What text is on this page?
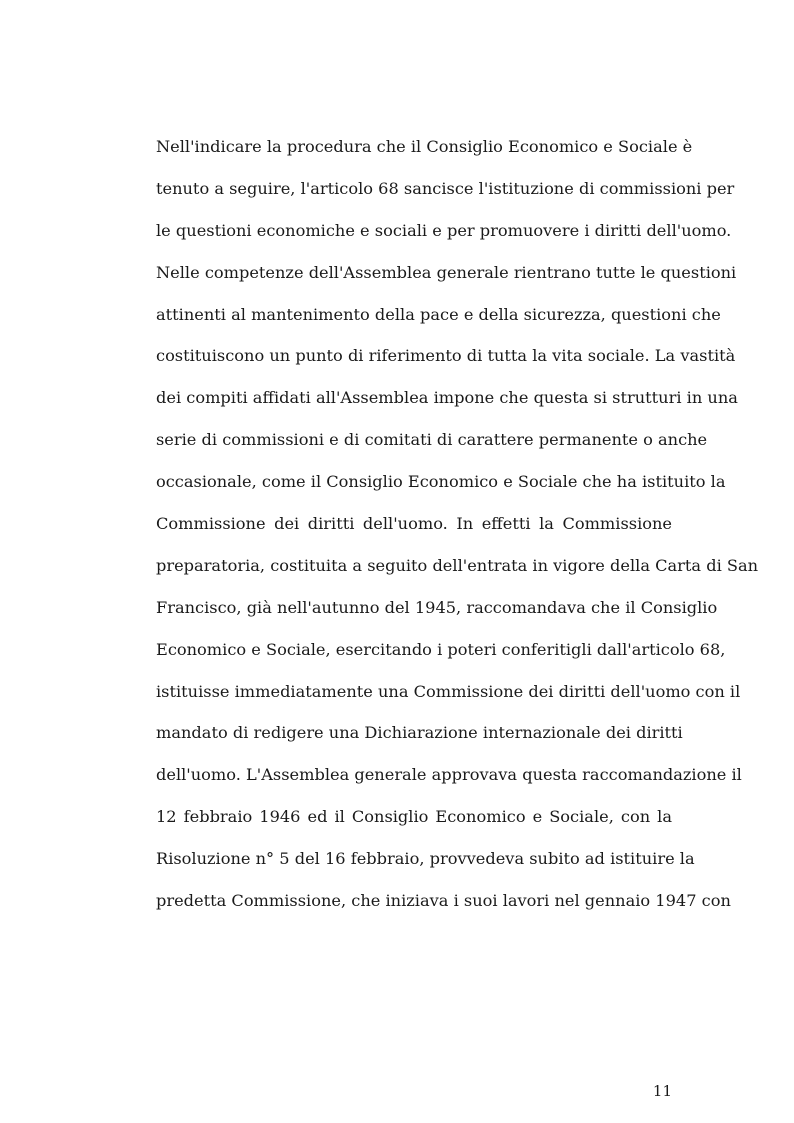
Nell'indicare la procedura che il Consiglio Economico e Sociale è
tenuto a seguire, l'articolo 68 sancisce l'istituzione di commissioni per
le questioni economiche e sociali e per promuovere i diritti dell'uomo.
Nelle competenze dell'Assemblea generale rientrano tutte le questioni
attinenti al mantenimento della pace e della sicurezza, questioni che
costituiscono un punto di riferimento di tutta la vita sociale. La vastità
dei compiti affidati all'Assemblea impone che questa si strutturi in una
serie di commissioni e di comitati di carattere permanente o anche
occasionale, come il Consiglio Economico e Sociale che ha istituito la
Commissione dei diritti dell'uomo. In effetti la Commissione
preparatoria, costituita a seguito dell'entrata in vigore della Carta di San
Francisco, già nell'autunno del 1945, raccomandava che il Consiglio
Economico e Sociale, esercitando i poteri conferitigli dall'articolo 68,
istituisse immediatamente una Commissione dei diritti dell'uomo con il
mandato di redigere una Dichiarazione internazionale dei diritti
dell'uomo. L'Assemblea generale approvava questa raccomandazione il
12 febbraio 1946 ed il Consiglio Economico e Sociale, con la
Risoluzione n° 5 del 16 febbraio, provvedeva subito ad istituire la
predetta Commissione, che iniziava i suoi lavori nel gennaio 1947 con
11
